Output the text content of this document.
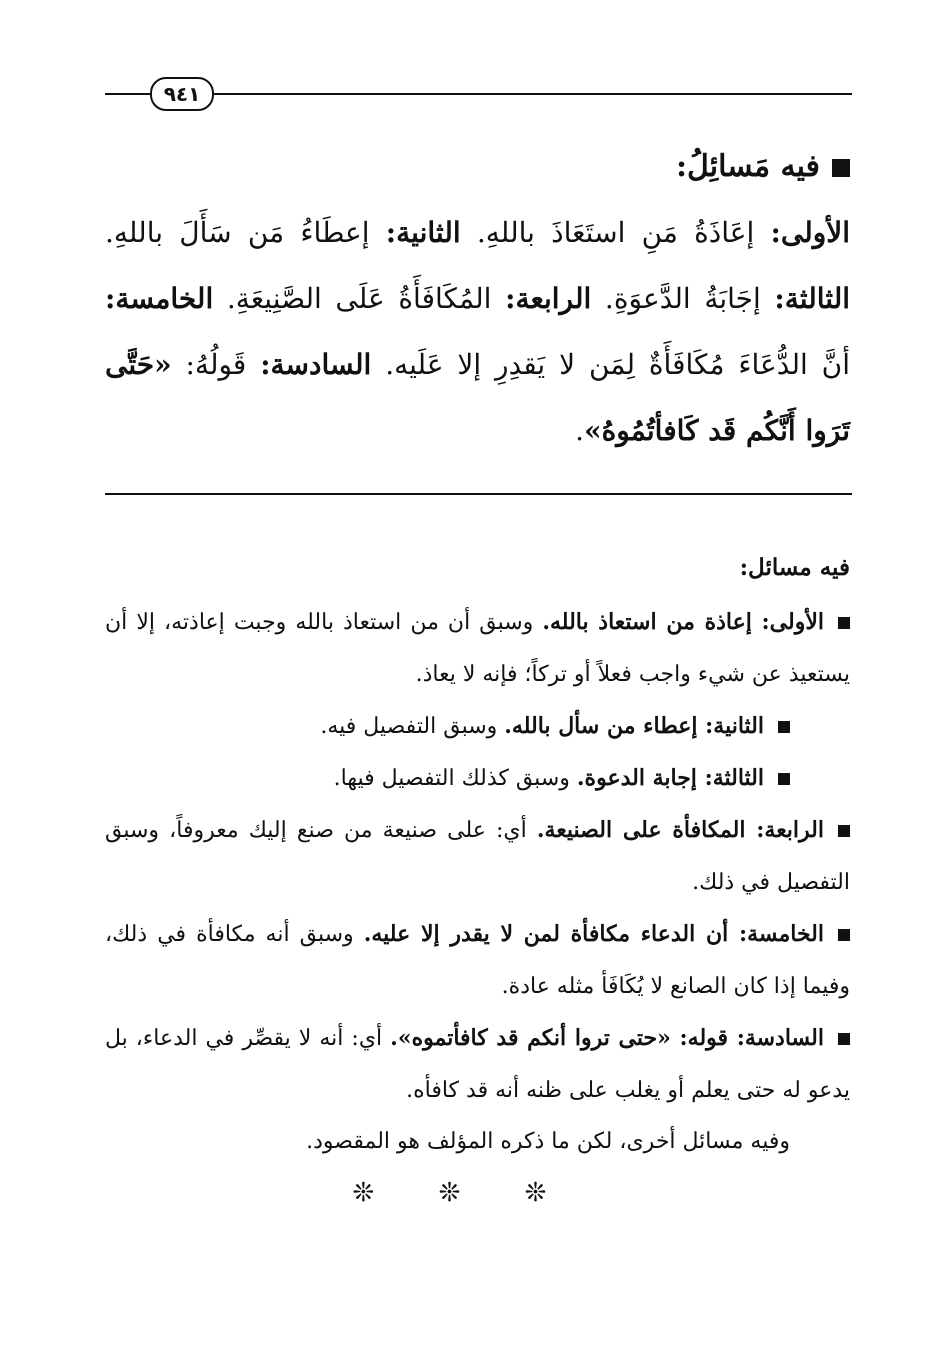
٩٤١
فيه مَسائِلُ:
الأولى: إعَاذَةُ مَنِ استَعَاذَ باللهِ. الثانية: إعطَاءُ مَن سَأَلَ باللهِ. الثالثة: إجَابَةُ الدَّعوَةِ. الرابعة: المُكَافَأَةُ عَلَى الصَّنِيعَةِ. الخامسة: أنَّ الدُّعَاءَ مُكَافَأَةٌ لِمَن لا يَقدِرِ إلا عَلَيه. السادسة: قَولُهُ: «حَتَّى تَرَوا أَنَّكُم قَد كَافأتُمُوهُ».
فيه مسائل:
الأولى: إعاذة من استعاذ بالله. وسبق أن من استعاذ بالله وجبت إعاذته، إلا أن يستعيذ عن شيء واجب فعلاً أو تركاً؛ فإنه لا يعاذ.
الثانية: إعطاء من سأل بالله. وسبق التفصيل فيه.
الثالثة: إجابة الدعوة. وسبق كذلك التفصيل فيها.
الرابعة: المكافأة على الصنيعة. أي: على صنيعة من صنع إليك معروفاً، وسبق التفصيل في ذلك.
الخامسة: أن الدعاء مكافأة لمن لا يقدر إلا عليه. وسبق أنه مكافأة في ذلك، وفيما إذا كان الصانع لا يُكَافَأ مثله عادة.
السادسة: قوله: «حتى تروا أنكم قد كافأتموه». أي: أنه لا يقصِّر في الدعاء، بل يدعو له حتى يعلم أو يغلب على ظنه أنه قد كافأه.
وفيه مسائل أخرى، لكن ما ذكره المؤلف هو المقصود.
❊ ❊ ❊
